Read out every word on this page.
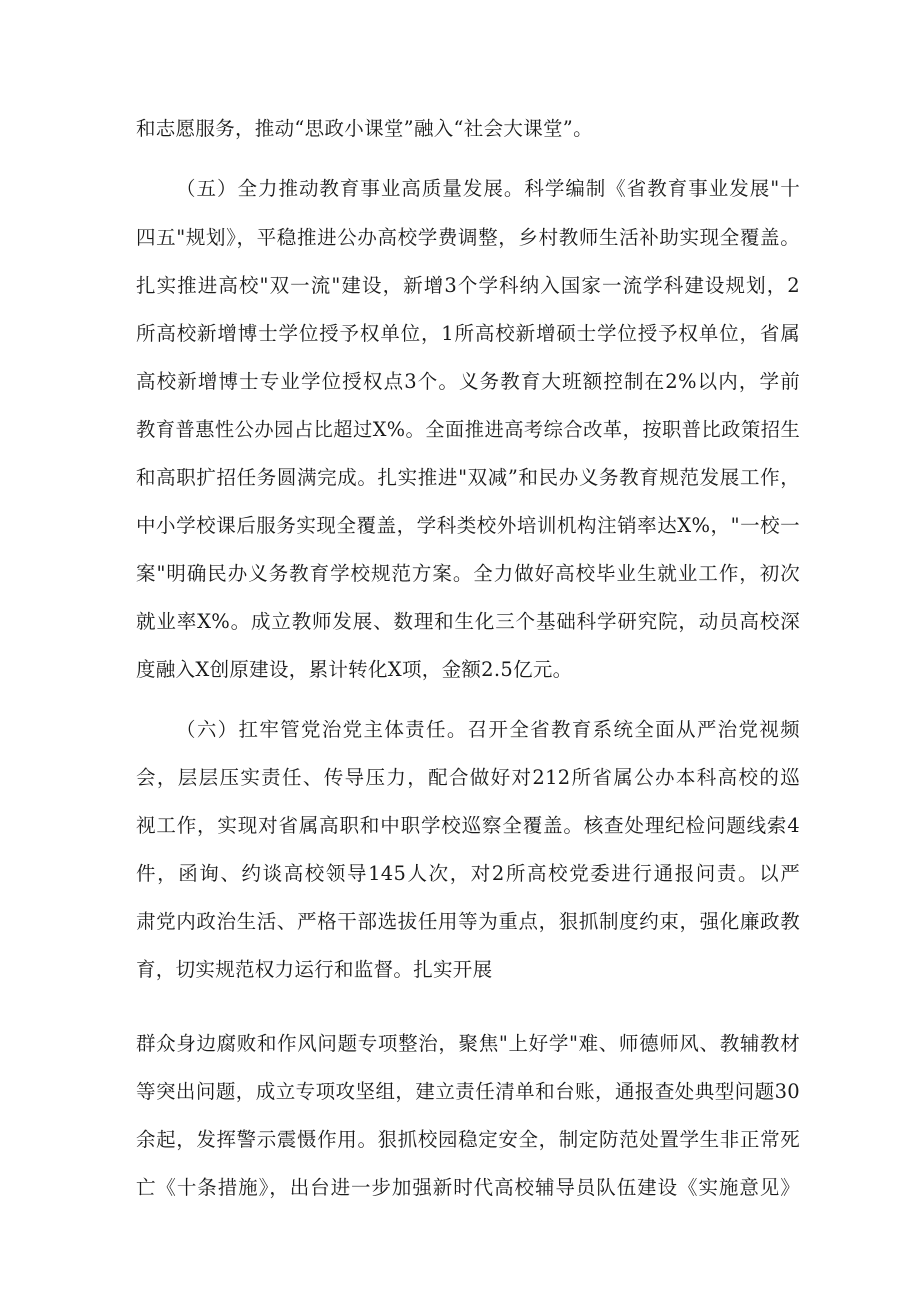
和志愿服务，推动“思政小课堂”融入“社会大课堂”。

（五）全力推动教育事业高质量发展。科学编制《省教育事业发展"十

四五"规划》，平稳推进公办高校学费调整，乡村教师生活补助实现全覆盖。

扎实推进高校"双一流"建设，新增3个学科纳入国家一流学科建设规划，2

所高校新增博士学位授予权单位，1所高校新增硕士学位授予权单位，省属

高校新增博士专业学位授权点3个。义务教育大班额控制在2%以内，学前

教育普惠性公办园占比超过X%。全面推进高考综合改革，按职普比政策招生

和高职扩招任务圆满完成。扎实推进"双减”和民办义务教育规范发展工作，

中小学校课后服务实现全覆盖，学科类校外培训机构注销率达X%，"一校一

案"明确民办义务教育学校规范方案。全力做好高校毕业生就业工作，初次

就业率X%。成立教师发展、数理和生化三个基础科学研究院，动员高校深

度融入X创原建设，累计转化X项，金额2.5亿元。

（六）扛牢管党治党主体责任。召开全省教育系统全面从严治党视频

会，层层压实责任、传导压力，配合做好对212所省属公办本科高校的巡

视工作，实现对省属高职和中职学校巡察全覆盖。核查处理纪检问题线索4

件，函询、约谈高校领导145人次，对2所高校党委进行通报问责。以严

肃党内政治生活、严格干部选拔任用等为重点，狠抓制度约束，强化廉政教

育，切实规范权力运行和监督。扎实开展

群众身边腐败和作风问题专项整治，聚焦"上好学"难、师德师风、教辅教材

等突出问题，成立专项攻坚组，建立责任清单和台账，通报查处典型问题30

余起，发挥警示震慑作用。狠抓校园稳定安全，制定防范处置学生非正常死

亡《十条措施》，出台进一步加强新时代高校辅导员队伍建设《实施意见》
